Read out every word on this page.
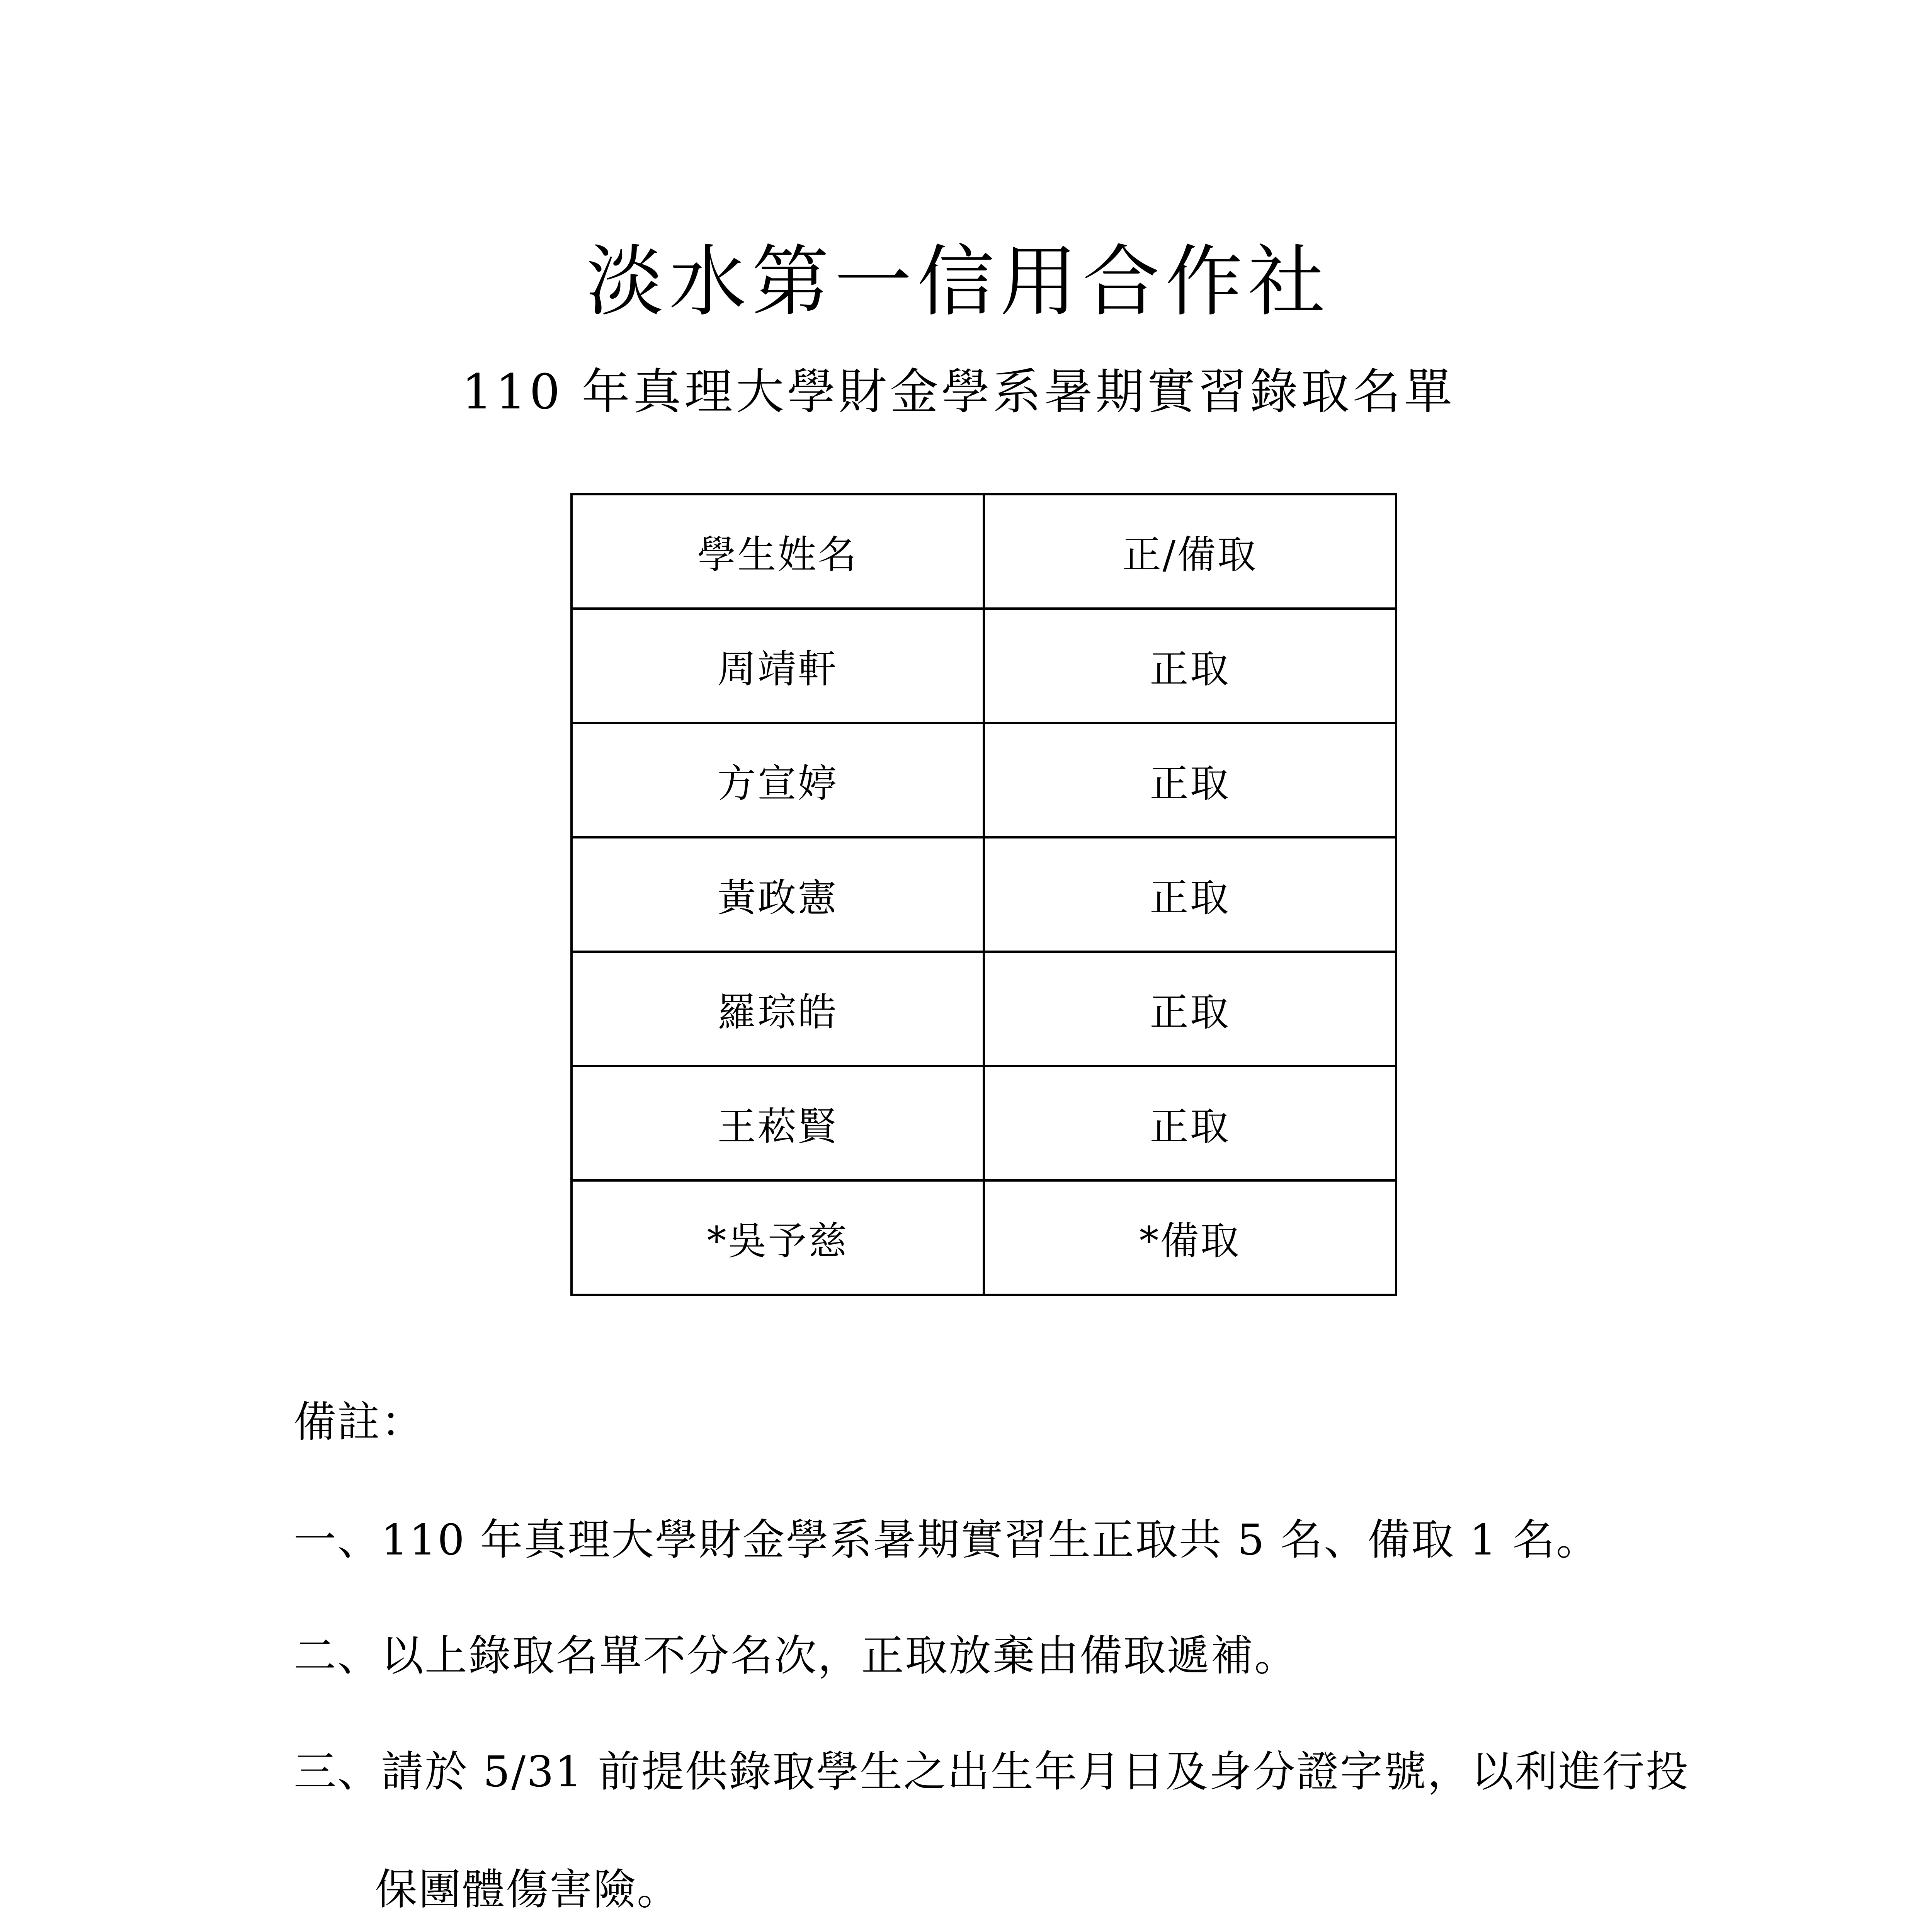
淡水第一信用合作社
110 年真理大學財金學系暑期實習錄取名單
學生姓名	正/備取
周靖軒	正取
方宣婷	正取
黃政憲	正取
羅琮皓	正取
王菘賢	正取
*吳予慈	*備取
備註：
一、110 年真理大學財金學系暑期實習生正取共 5 名、備取 1 名。
二、以上錄取名單不分名次，正取放棄由備取遞補。
三、請於 5/31 前提供錄取學生之出生年月日及身分證字號，以利進行投
保團體傷害險。
